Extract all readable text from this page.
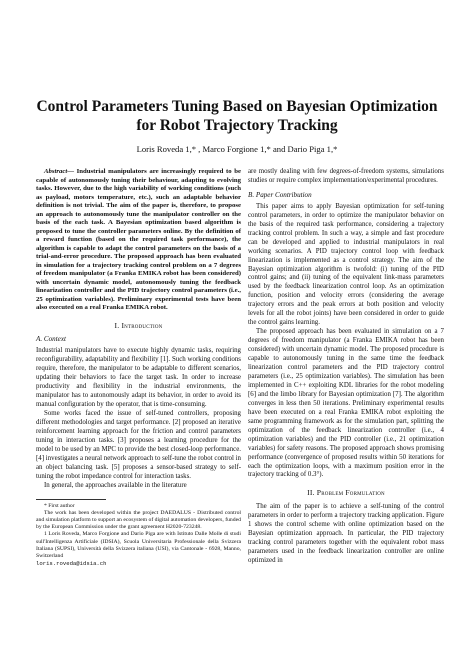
Control Parameters Tuning Based on Bayesian Optimization for Robot Trajectory Tracking
Loris Roveda 1,* , Marco Forgione 1,* and Dario Piga 1,*

Abstract— Industrial manipulators are increasingly required to be capable of autonomously tuning their behaviour, adapting to evolving tasks. However, due to the high variability of working conditions (such as payload, motors temperature, etc.), such an adaptable behavior definition is not trivial. The aim of the paper is, therefore, to propose an approach to autonomously tune the manipulator controller on the basis of the each task. A Bayesian optimization based algorithm is proposed to tune the controller parameters online. By the definition of a reward function (based on the required task performance), the algorithm is capable to adapt the control parameters on the basis of a trial-and-error procedure. The proposed approach has been evaluated in simulation for a trajectory tracking control problem on a 7 degrees of freedom manipulator (a Franka EMIKA robot has been considered) with uncertain dynamic model, autonomously tuning the feedback linearization controller and the PID trajectory control parameters (i.e., 25 optimization variables). Preliminary experimental tests have been also executed on a real Franka EMIKA robot.

I. Introduction
A. Context

Industrial manipulators have to execute highly dynamic tasks, requiring reconfigurability, adaptability and flexibility [1]. Such working conditions require, therefore, the manipulator to be adaptable to different scenarios, updating their behaviors to face the target task. In order to increase productivity and flexibility in the industrial environments, the manipulator has to autonomously adapt its behavior, in order to avoid its manual configuration by the operator, that is time-consuming.

Some works faced the issue of self-tuned controllers, proposing different methodologies and target performance. [2] proposed an iterative reinforcement learning approach for the friction and control parameters tuning in interaction tasks. [3] proposes a learning procedure for the model to be used by an MPC to provide the best closed-loop performance. [4] investigates a neural network approach to self-tune the robot control in an object balancing task. [5] proposes a sensor-based strategy to self-tuning the robot impedance control for interaction tasks.

In general, the approaches available in the literature

* First author

The work has been developed within the project DAEDALUS - Distributed control and simulation platform to support an ecosystem of digital automation developers, funded by the European Commission under the grant agreement H2020-723248.

1 Loris Roveda, Marco Forgione and Dario Piga are with Istituto Dalle Molle di studi sull'Intelligenza Artificiale (IDSIA), Scuola Universitaria Professionale della Svizzera Italiana (SUPSI), Università della Svizzera italiana (USI), via Cantonale - 6928, Manno, Switzerland

loris.roveda@idsia.ch

are mostly dealing with few degrees-of-freedom systems, simulations studies or require complex implementation/experimental procedures.

B. Paper Contribution

This paper aims to apply Bayesian optimization for self-tuning control parameters, in order to optimize the manipulator behavior on the basis of the required task performance, considering a trajectory tracking control problem. In such a way, a simple and fast procedure can be developed and applied to industrial manipulators in real working scenarios. A PID trajectory control loop with feedback linearization is implemented as a control strategy. The aim of the Bayesian optimization algorithm is twofold: (i) tuning of the PID control gains; and (ii) tuning of the equivalent link-mass parameters used by the feedback linearization control loop. As an optimization function, position and velocity errors (considering the average trajectory errors and the peak errors at both position and velocity levels for all the robot joints) have been considered in order to guide the control gains learning.

The proposed approach has been evaluated in simulation on a 7 degrees of freedom manipulator (a Franka EMIKA robot has been considered) with uncertain dynamic model. The proposed procedure is capable to autonomously tuning in the same time the feedback linearization control parameters and the PID trajectory control parameters (i.e., 25 optimization variables). The simulation has been implemented in C++ exploiting KDL libraries for the robot modeling [6] and the limbo library for Bayesian optimization [7]. The algorithm converges in less then 50 iterations. Preliminary experimental results have been executed on a real Franka EMIKA robot exploiting the same programming framework as for the simulation part, splitting the optimization of the feedback linearization controller (i.e., 4 optimization variables) and the PID controller (i.e., 21 optimization variables) for safety reasons. The proposed approach shows promising performance (convergence of proposed results within 50 iterations for each the optimization loops, with a maximum position error in the trajectory tracking of 0.3°).

II. Problem Formulation

The aim of the paper is to achieve a self-tuning of the control parameters in order to perform a trajectory tracking application. Figure 1 shows the control scheme with online optimization based on the Bayesian optimization approach. In particular, the PID trajectory tracking control parameters together with the equivalent robot mass parameters used in the feedback linearization controller are online optimized in
